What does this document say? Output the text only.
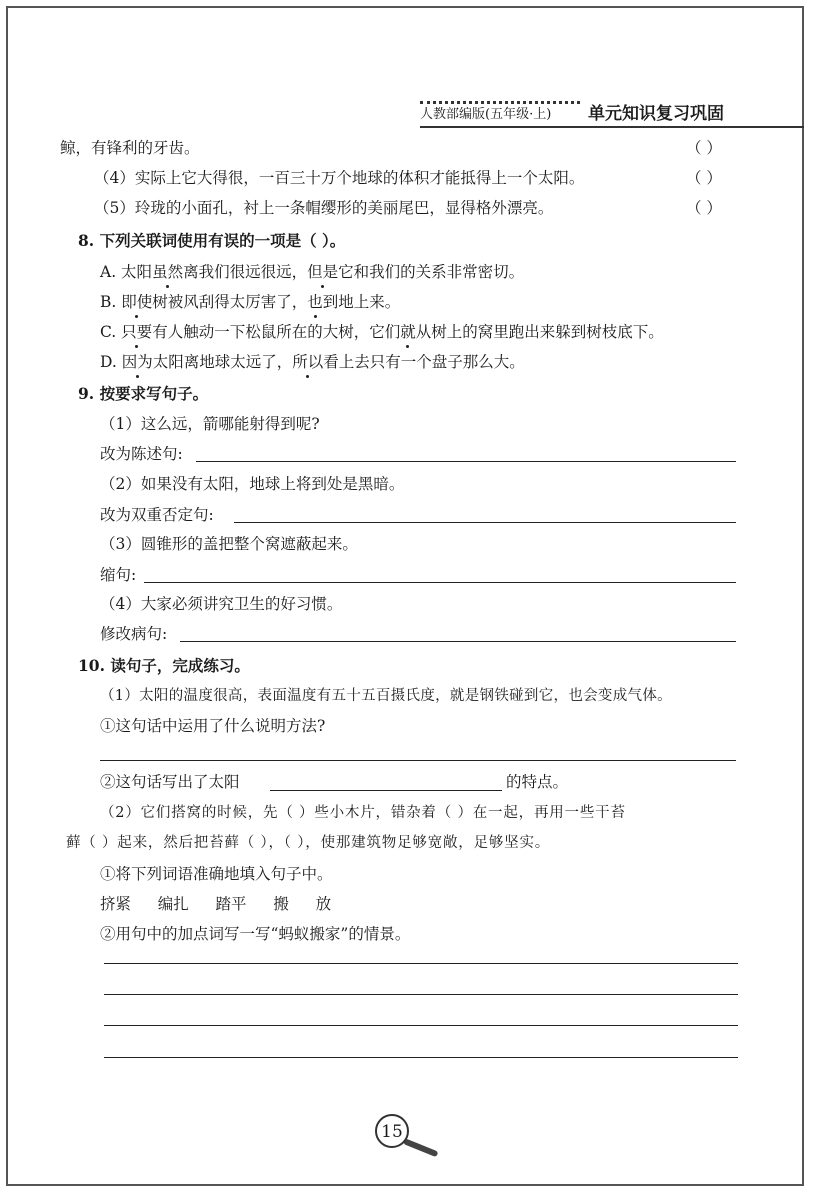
人教部编版(五年级·上) 单元知识复习巩固
鲸，有锋利的牙齿。	（ ）
（4）实际上它大得很，一百三十万个地球的体积才能抵得上一个太阳。	（ ）
（5）玲珑的小面孔，衬上一条帽缨形的美丽尾巴，显得格外漂亮。	（ ）
8. 下列关联词使用有误的一项是（ ）。
A. 太阳虽然离我们很远很远，但是它和我们的关系非常密切。
B. 即使树被风刮得太厉害了，也到地上来。
C. 只要有人触动一下松鼠所在的大树，它们就从树上的窝里跑出来躲到树枝底下。
D. 因为太阳离地球太远了，所以看上去只有一个盘子那么大。
9. 按要求写句子。
（1）这么远，箭哪能射得到呢?
改为陈述句:
（2）如果没有太阳，地球上将到处是黑暗。
改为双重否定句:
（3）圆锥形的盖把整个窝遮蔽起来。
缩句:
（4）大家必须讲究卫生的好习惯。
修改病句:
10. 读句子，完成练习。
（1）太阳的温度很高，表面温度有五十五百摄氏度，就是钢铁碰到它，也会变成气体。
①这句话中运用了什么说明方法?
②这句话写出了太阳	的特点。
（2）它们搭窝的时候，先（ ）些小木片，错杂着（ ）在一起，再用一些干苔
藓（ ）起来，然后把苔藓（ ），（ ），使那建筑物足够宽敞，足够坚实。
①将下列词语准确地填入句子中。
挤紧   编扎   踏平   搬   放
②用句中的加点词写一写“蚂蚁搬家”的情景。
15
